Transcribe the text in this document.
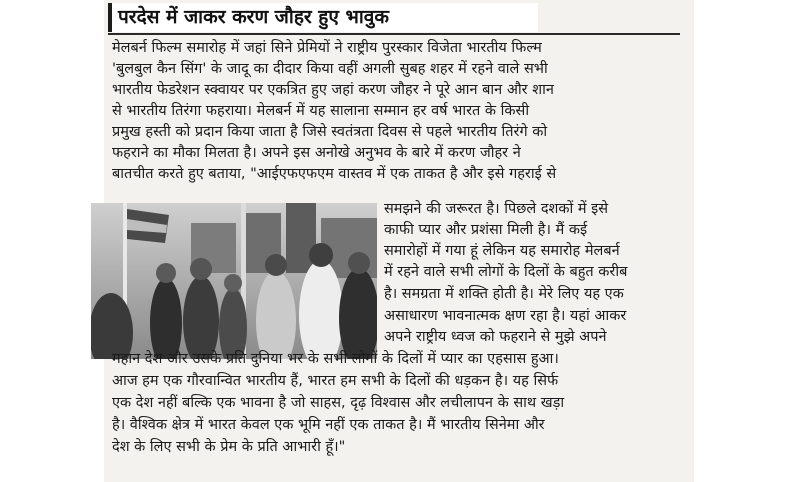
परदेस में जाकर करण जौहर हुए भावुक
मेलबर्न फिल्म समारोह में जहां सिने प्रेमियों ने राष्ट्रीय पुरस्कार विजेता भारतीय फिल्म
'बुलबुल कैन सिंग' के जादू का दीदार किया वहीं अगली सुबह शहर में रहने वाले सभी
भारतीय फेडरेशन स्क्वायर पर एकत्रित हुए जहां करण जौहर ने पूरे आन बान और शान
से भारतीय तिरंगा फहराया। मेलबर्न में यह सालाना सम्मान हर वर्ष भारत के किसी
प्रमुख हस्ती को प्रदान किया जाता है जिसे स्वतंत्रता दिवस से पहले भारतीय तिरंगे को
फहराने का मौका मिलता है। अपने इस अनोखे अनुभव के बारे में करण जौहर ने
बातचीत करते हुए बताया, "आईएफएफएम वास्तव में एक ताकत है और इसे गहराई से
समझने की जरूरत है। पिछले दशकों में इसे
काफी प्यार और प्रशंसा मिली है। मैं कई
समारोहों में गया हूं लेकिन यह समारोह मेलबर्न
में रहने वाले सभी लोगों के दिलों के बहुत करीब
है। समग्रता में शक्ति होती है। मेरे लिए यह एक
असाधारण भावनात्मक क्षण रहा है। यहां आकर
अपने राष्ट्रीय ध्वज को फहराने से मुझे अपने
महान देश और उसके प्रति दुनिया भर के सभी लोगों के दिलों में प्यार का एहसास हुआ।
आज हम एक गौरवान्वित भारतीय हैं, भारत हम सभी के दिलों की धड़कन है। यह सिर्फ
एक देश नहीं बल्कि एक भावना है जो साहस, दृढ़ विश्वास और लचीलापन के साथ खड़ा
है। वैश्विक क्षेत्र में भारत केवल एक भूमि नहीं एक ताकत है। मैं भारतीय सिनेमा और
देश के लिए सभी के प्रेम के प्रति आभारी हूँ।"
